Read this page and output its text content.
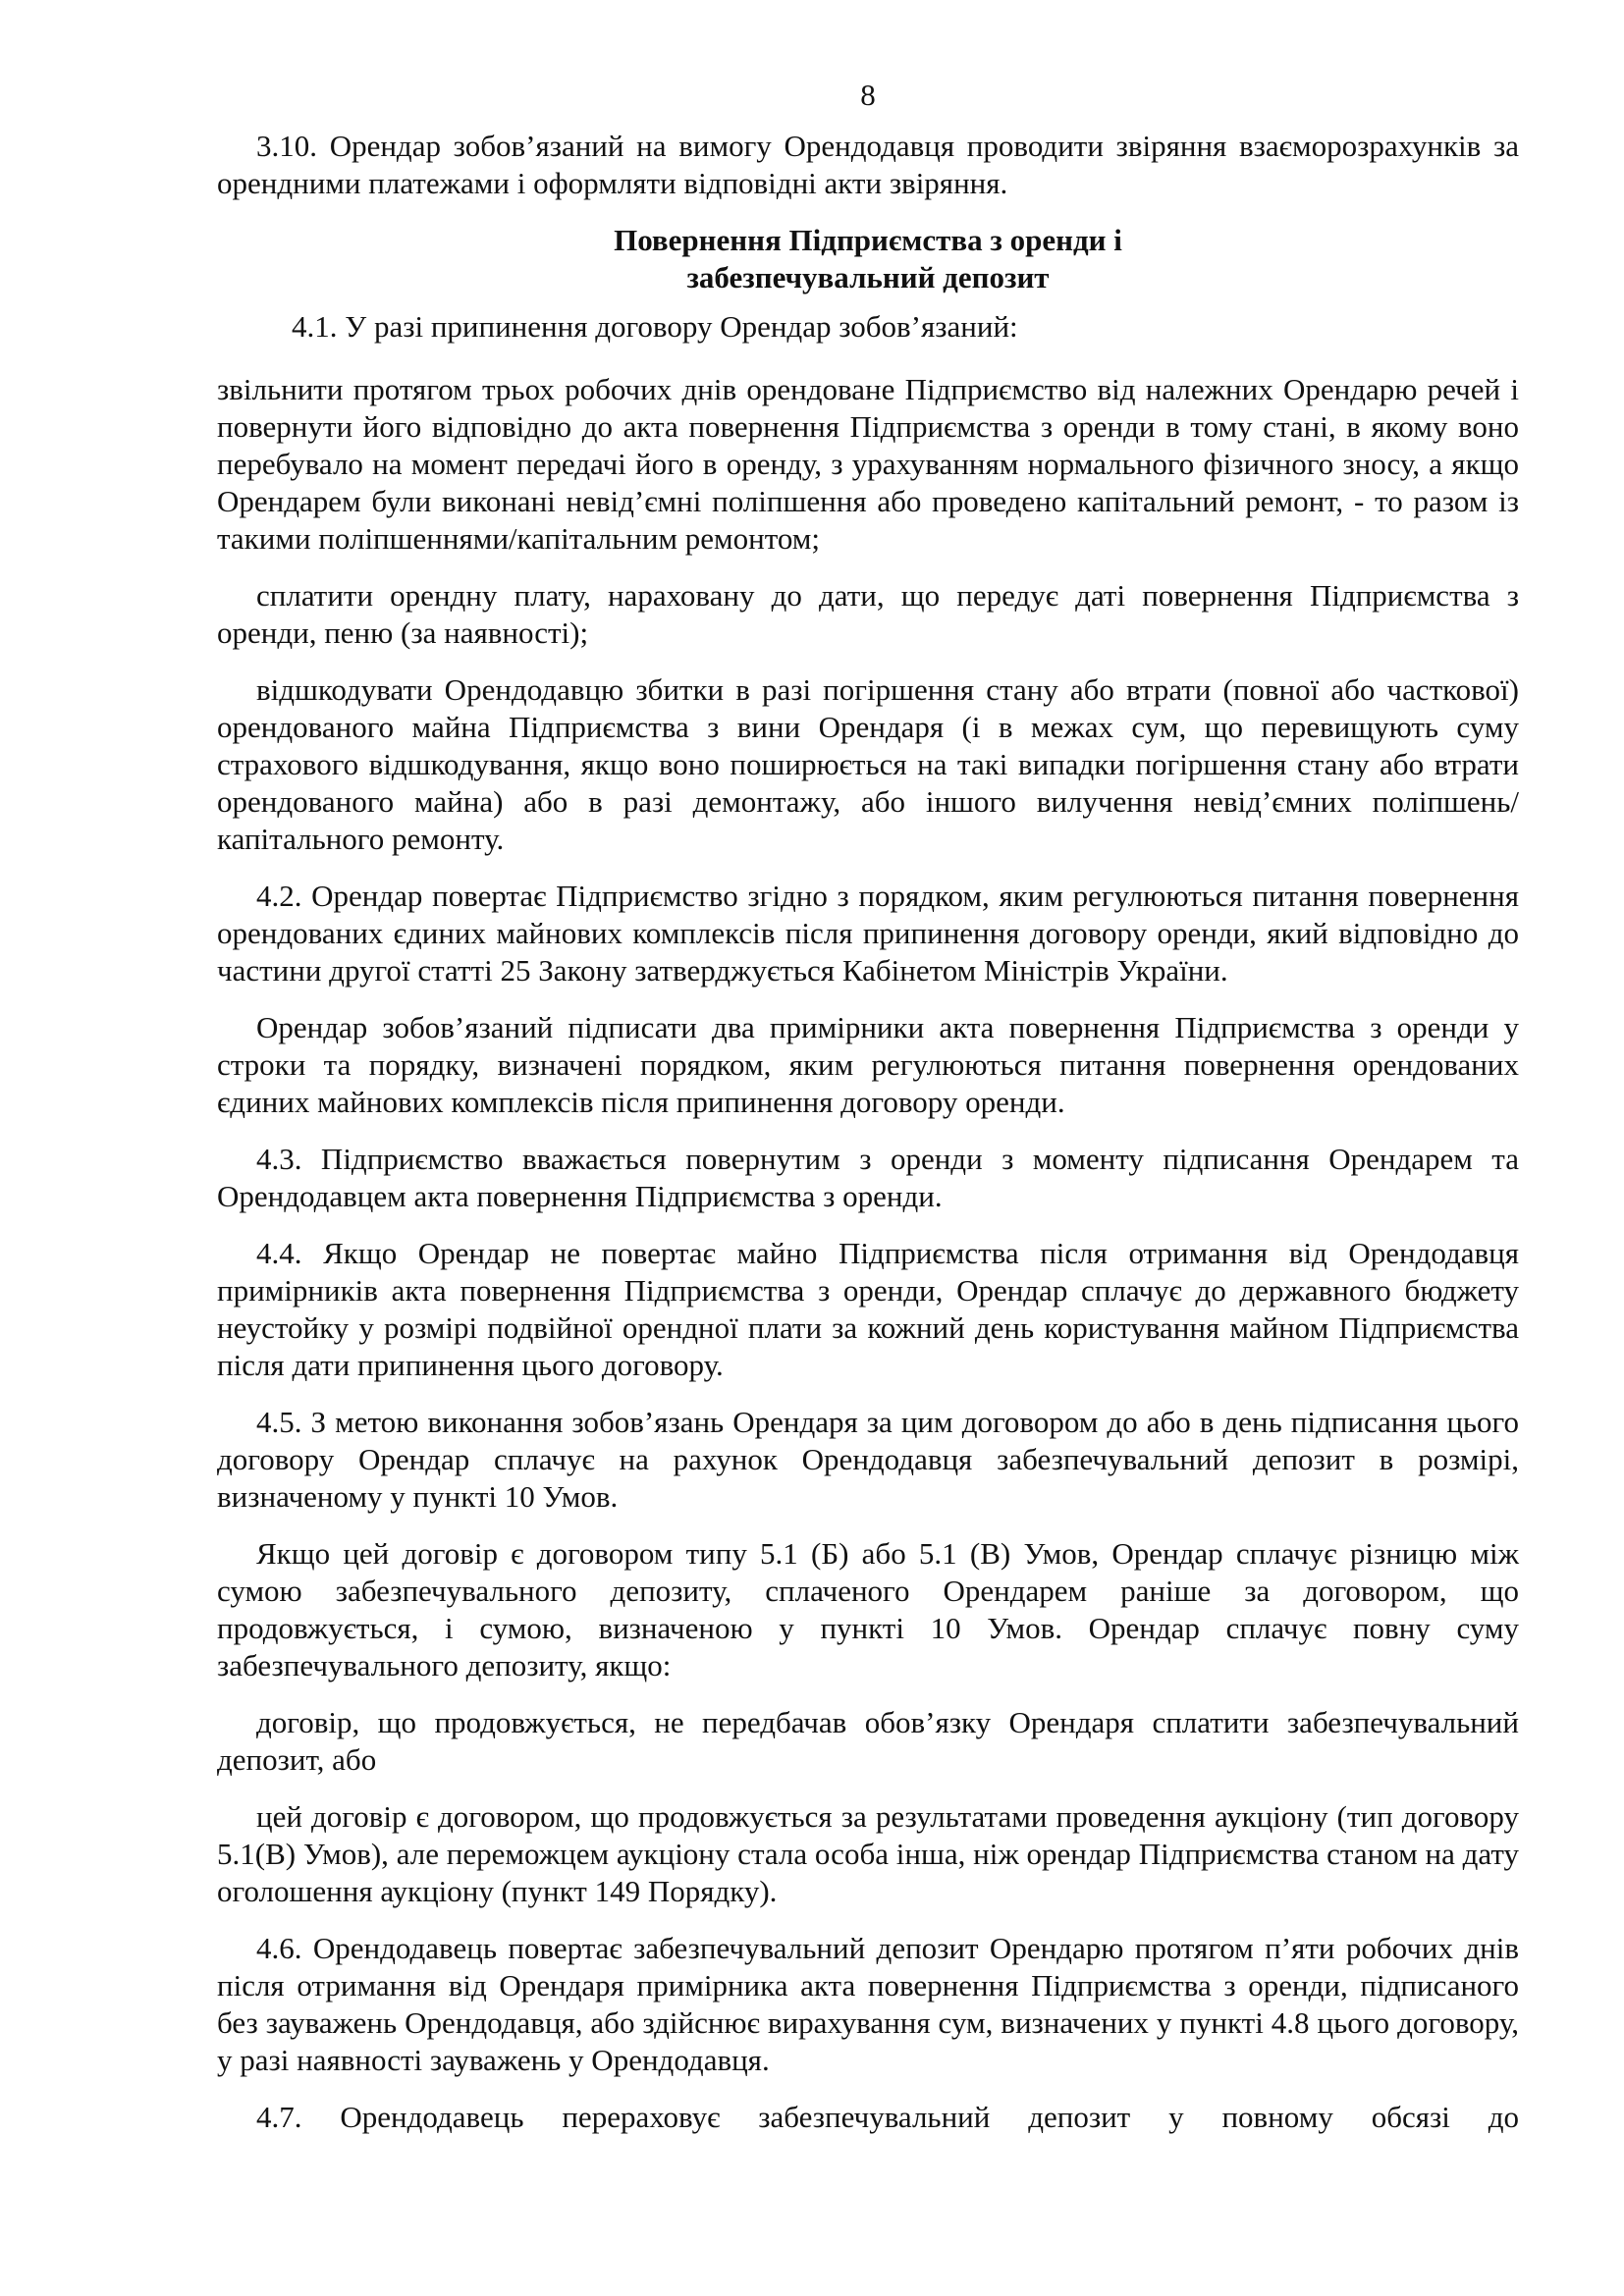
8

3.10. Орендар зобов’язаний на вимогу Орендодавця проводити звіряння взаєморозрахунків за орендними платежами і оформляти відповідні акти звіряння.

Повернення Підприємства з оренди і
забезпечувальний депозит

4.1. У разі припинення договору Орендар зобов’язаний:

звільнити протягом трьох робочих днів орендоване Підприємство від належних Орендарю речей і повернути його відповідно до акта повернення Підприємства з оренди в тому стані, в якому воно перебувало на момент передачі його в оренду, з урахуванням нормального фізичного зносу, а якщо Орендарем були виконані невід’ємні поліпшення або проведено капітальний ремонт, - то разом із такими поліпшеннями/капітальним ремонтом;

сплатити орендну плату, нараховану до дати, що передує даті повернення Підприємства з оренди, пеню (за наявності);

відшкодувати Орендодавцю збитки в разі погіршення стану або втрати (повної або часткової) орендованого майна Підприємства з вини Орендаря (і в межах сум, що перевищують суму страхового відшкодування, якщо воно поширюється на такі випадки погіршення стану або втрати орендованого майна) або в разі демонтажу, або іншого вилучення невід’ємних поліпшень/капітального ремонту.

4.2. Орендар повертає Підприємство згідно з порядком, яким регулюються питання повернення орендованих єдиних майнових комплексів після припинення договору оренди, який відповідно до частини другої статті 25 Закону затверджується Кабінетом Міністрів України.

Орендар зобов’язаний підписати два примірники акта повернення Підприємства з оренди у строки та порядку, визначені порядком, яким регулюються питання повернення орендованих єдиних майнових комплексів після припинення договору оренди.

4.3. Підприємство вважається повернутим з оренди з моменту підписання Орендарем та Орендодавцем акта повернення Підприємства з оренди.

4.4. Якщо Орендар не повертає майно Підприємства після отримання від Орендодавця примірників акта повернення Підприємства з оренди, Орендар сплачує до державного бюджету неустойку у розмірі подвійної орендної плати за кожний день користування майном Підприємства після дати припинення цього договору.

4.5. З метою виконання зобов’язань Орендаря за цим договором до або в день підписання цього договору Орендар сплачує на рахунок Орендодавця забезпечувальний депозит в розмірі, визначеному у пункті 10 Умов.

Якщо цей договір є договором типу 5.1 (Б) або 5.1 (В) Умов, Орендар сплачує різницю між сумою забезпечувального депозиту, сплаченого Орендарем раніше за договором, що продовжується, і сумою, визначеною у пункті 10 Умов. Орендар сплачує повну суму забезпечувального депозиту, якщо:

договір, що продовжується, не передбачав обов’язку Орендаря сплатити забезпечувальний депозит, або

цей договір є договором, що продовжується за результатами проведення аукціону (тип договору 5.1(В) Умов), але переможцем аукціону стала особа інша, ніж орендар Підприємства станом на дату оголошення аукціону (пункт 149 Порядку).

4.6. Орендодавець повертає забезпечувальний депозит Орендарю протягом п’яти робочих днів після отримання від Орендаря примірника акта повернення Підприємства з оренди, підписаного без зауважень Орендодавця, або здійснює вирахування сум, визначених у пункті 4.8 цього договору, у разі наявності зауважень у Орендодавця.

4.7. Орендодавець перераховує забезпечувальний депозит у повному обсязі до
